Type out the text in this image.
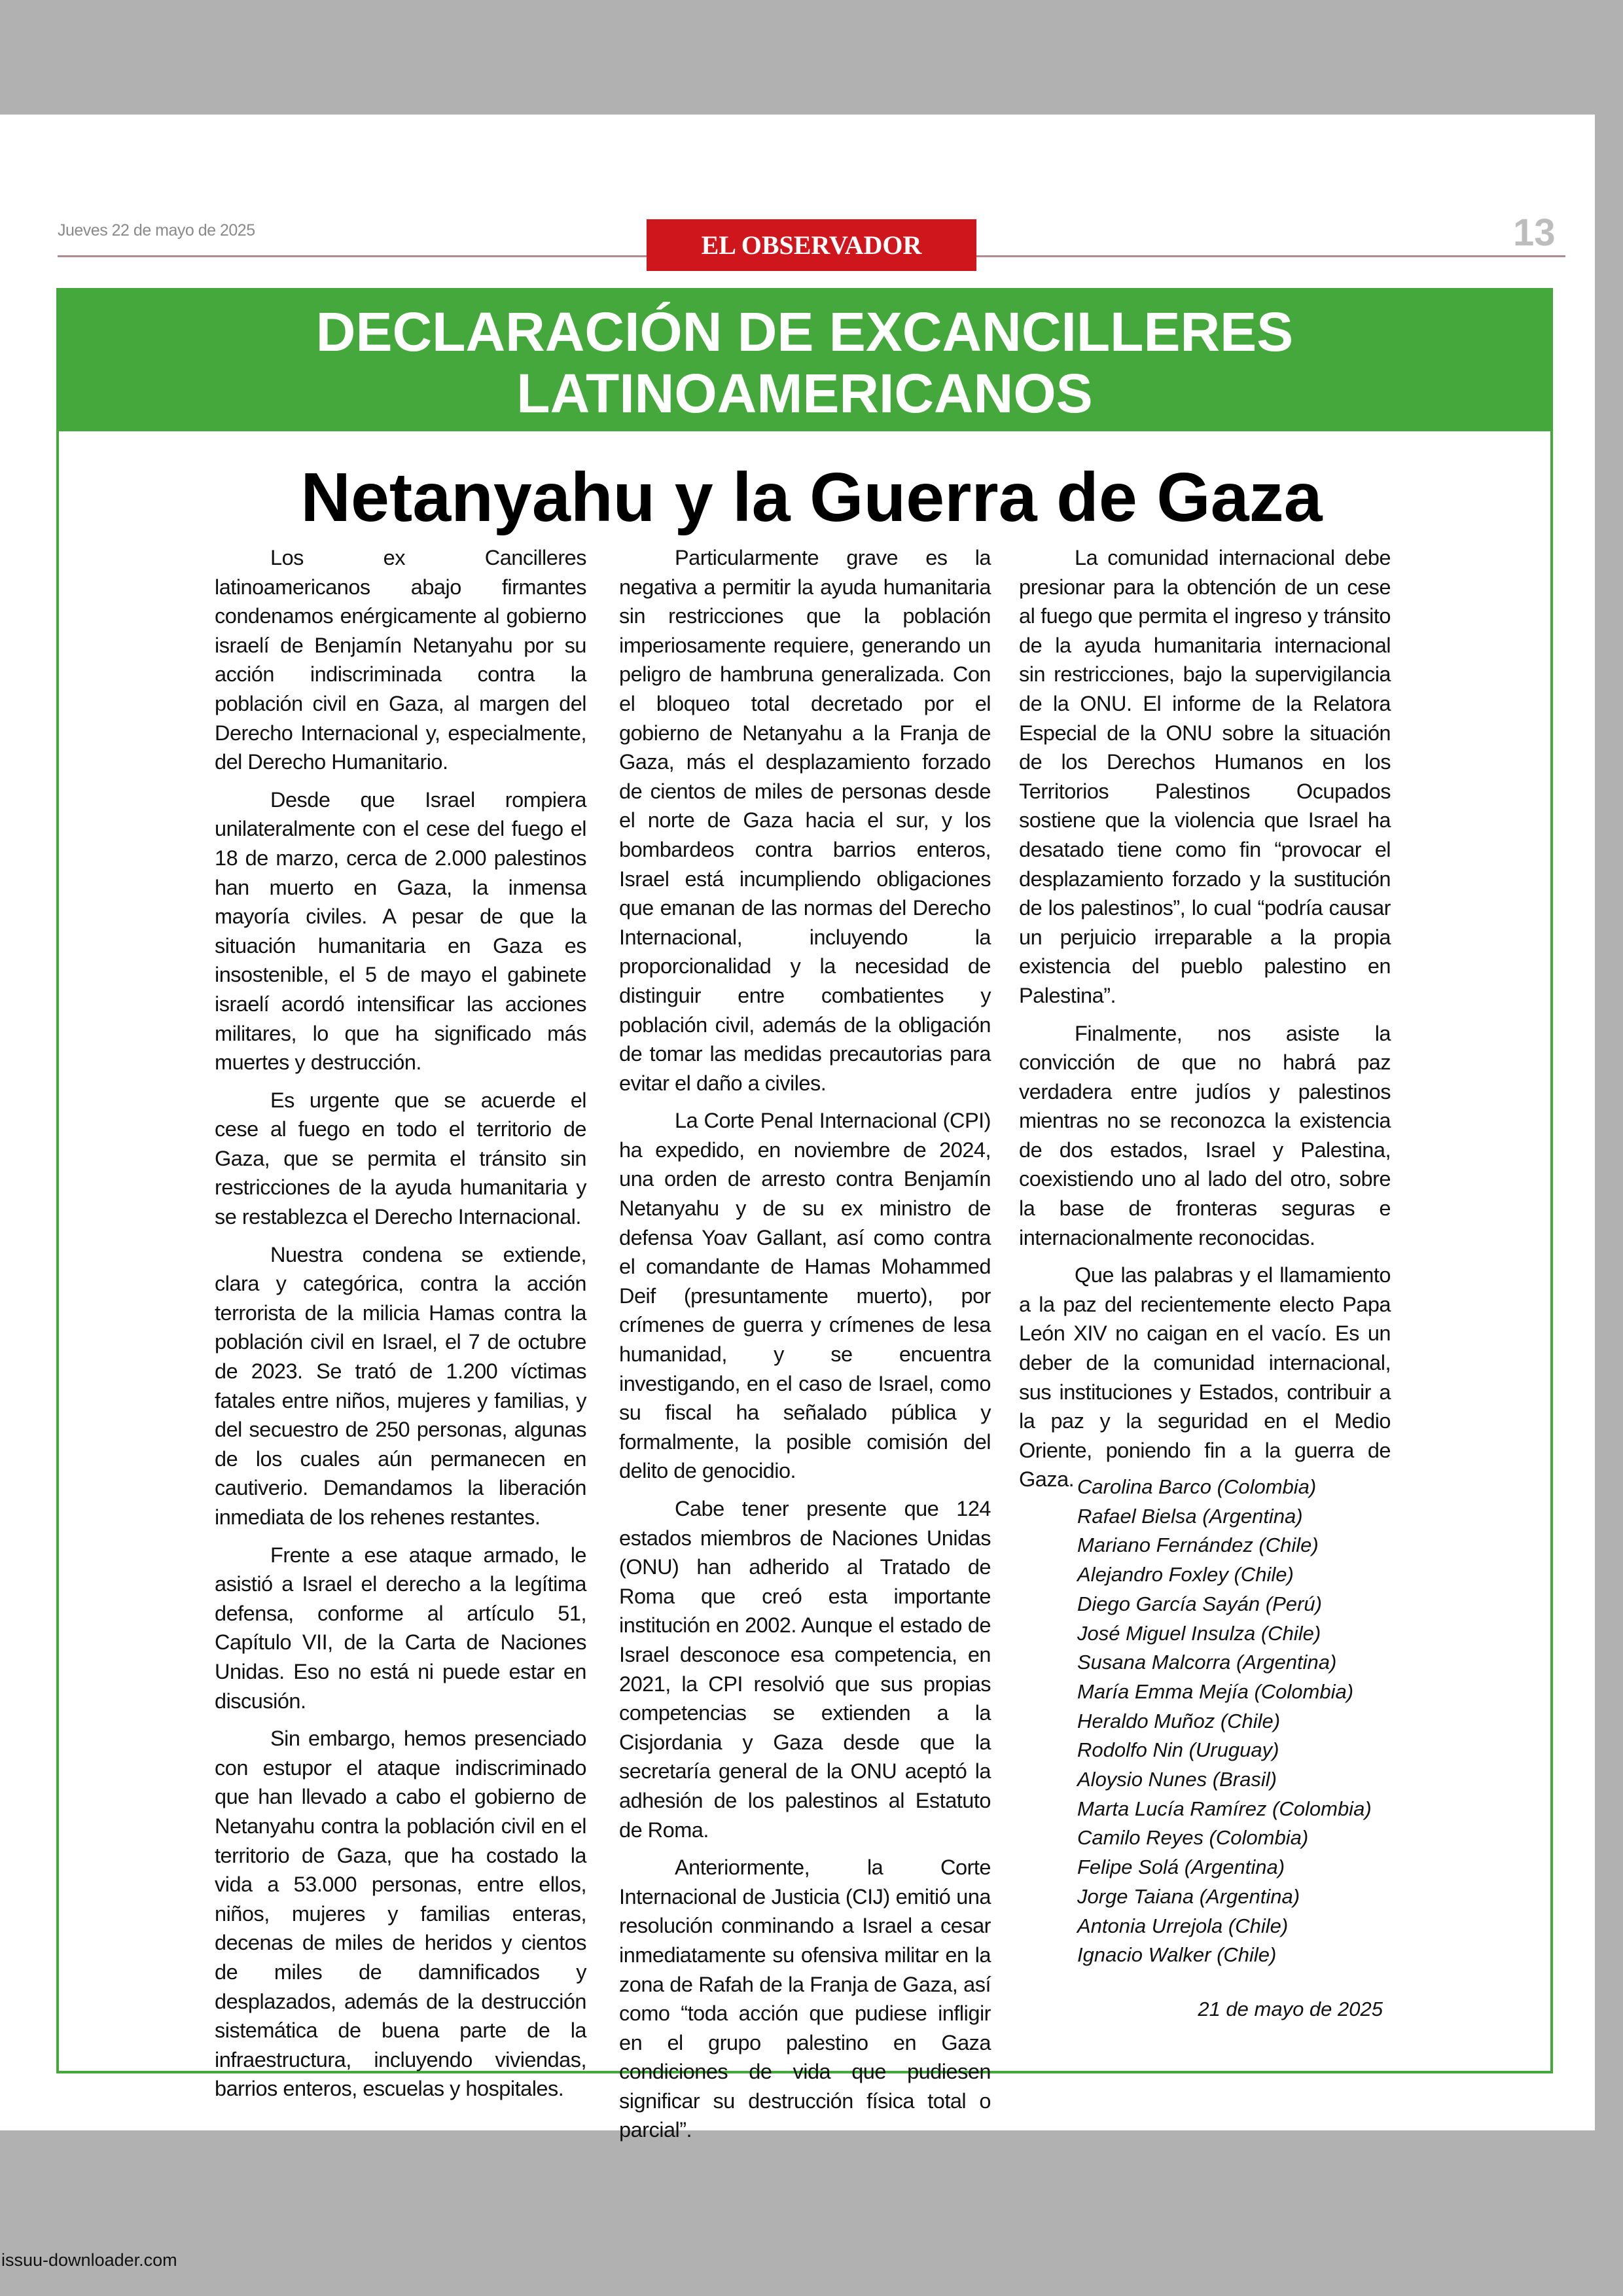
Jueves 22 de mayo de 2025	EL OBSERVADOR	13
DECLARACIÓN DE EXCANCILLERES
LATINOAMERICANOS
Netanyahu y la Guerra de Gaza

Los ex Cancilleres latinoamericanos abajo firmantes condenamos enérgicamente al gobierno israelí de Benjamín Netanyahu por su acción indiscriminada contra la población civil en Gaza, al margen del Derecho Internacional y, especialmente, del Derecho Humanitario.

Desde que Israel rompiera unilateralmente con el cese del fuego el 18 de marzo, cerca de 2.000 palestinos han muerto en Gaza, la inmensa mayoría civiles. A pesar de que la situación humanitaria en Gaza es insostenible, el 5 de mayo el gabinete israelí acordó intensificar las acciones militares, lo que ha significado más muertes y destrucción.

Es urgente que se acuerde el cese al fuego en todo el territorio de Gaza, que se permita el tránsito sin restricciones de la ayuda humanitaria y se restablezca el Derecho Internacional.

Nuestra condena se extiende, clara y categórica, contra la acción terrorista de la milicia Hamas contra la población civil en Israel, el 7 de octubre de 2023. Se trató de 1.200 víctimas fatales entre niños, mujeres y familias, y del secuestro de 250 personas, algunas de los cuales aún permanecen en cautiverio. Demandamos la liberación inmediata de los rehenes restantes.

Frente a ese ataque armado, le asistió a Israel el derecho a la legítima defensa, conforme al artículo 51, Capítulo VII, de la Carta de Naciones Unidas. Eso no está ni puede estar en discusión.

Sin embargo, hemos presenciado con estupor el ataque indiscriminado que han llevado a cabo el gobierno de Netanyahu contra la población civil en el territorio de Gaza, que ha costado la vida a 53.000 personas, entre ellos, niños, mujeres y familias enteras, decenas de miles de heridos y cientos de miles de damnificados y desplazados, además de la destrucción sistemática de buena parte de la infraestructura, incluyendo viviendas, barrios enteros, escuelas y hospitales.

Particularmente grave es la negativa a permitir la ayuda humanitaria sin restricciones que la población imperiosamente requiere, generando un peligro de hambruna generalizada. Con el bloqueo total decretado por el gobierno de Netanyahu a la Franja de Gaza, más el desplazamiento forzado de cientos de miles de personas desde el norte de Gaza hacia el sur, y los bombardeos contra barrios enteros, Israel está incumpliendo obligaciones que emanan de las normas del Derecho Internacional, incluyendo la proporcionalidad y la necesidad de distinguir entre combatientes y población civil, además de la obligación de tomar las medidas precautorias para evitar el daño a civiles.

La Corte Penal Internacional (CPI) ha expedido, en noviembre de 2024, una orden de arresto contra Benjamín Netanyahu y de su ex ministro de defensa Yoav Gallant, así como contra el comandante de Hamas Mohammed Deif (presuntamente muerto), por crímenes de guerra y crímenes de lesa humanidad, y se encuentra investigando, en el caso de Israel, como su fiscal ha señalado pública y formalmente, la posible comisión del delito de genocidio.

Cabe tener presente que 124 estados miembros de Naciones Unidas (ONU) han adherido al Tratado de Roma que creó esta importante institución en 2002. Aunque el estado de Israel desconoce esa competencia, en 2021, la CPI resolvió que sus propias competencias se extienden a la Cisjordania y Gaza desde que la secretaría general de la ONU aceptó la adhesión de los palestinos al Estatuto de Roma.

Anteriormente, la Corte Internacional de Justicia (CIJ) emitió una resolución conminando a Israel a cesar inmediatamente su ofensiva militar en la zona de Rafah de la Franja de Gaza, así como “toda acción que pudiese infligir en el grupo palestino en Gaza condiciones de vida que pudiesen significar su destrucción física total o parcial”.

La comunidad internacional debe presionar para la obtención de un cese al fuego que permita el ingreso y tránsito de la ayuda humanitaria internacional sin restricciones, bajo la supervigilancia de la ONU. El informe de la Relatora Especial de la ONU sobre la situación de los Derechos Humanos en los Territorios Palestinos Ocupados sostiene que la violencia que Israel ha desatado tiene como fin “provocar el desplazamiento forzado y la sustitución de los palestinos”, lo cual “podría causar un perjuicio irreparable a la propia existencia del pueblo palestino en Palestina”.

Finalmente, nos asiste la convicción de que no habrá paz verdadera entre judíos y palestinos mientras no se reconozca la existencia de dos estados, Israel y Palestina, coexistiendo uno al lado del otro, sobre la base de fronteras seguras e internacionalmente reconocidas.

Que las palabras y el llamamiento a la paz del recientemente electo Papa León XIV no caigan en el vacío. Es un deber de la comunidad internacional, sus instituciones y Estados, contribuir a la paz y la seguridad en el Medio Oriente, poniendo fin a la guerra de Gaza. Carolina Barco (Colombia)
Rafael Bielsa (Argentina)
Mariano Fernández (Chile)
Alejandro Foxley (Chile)
Diego García Sayán (Perú)
José Miguel Insulza (Chile)
Susana Malcorra (Argentina)
María Emma Mejía (Colombia)
Heraldo Muñoz (Chile)
Rodolfo Nin (Uruguay)
Aloysio Nunes (Brasil)
Marta Lucía Ramírez (Colombia)
Camilo Reyes (Colombia)
Felipe Solá (Argentina)
Jorge Taiana (Argentina)
Antonia Urrejola (Chile)
Ignacio Walker (Chile)
21 de mayo de 2025
issuu-downloader.com
